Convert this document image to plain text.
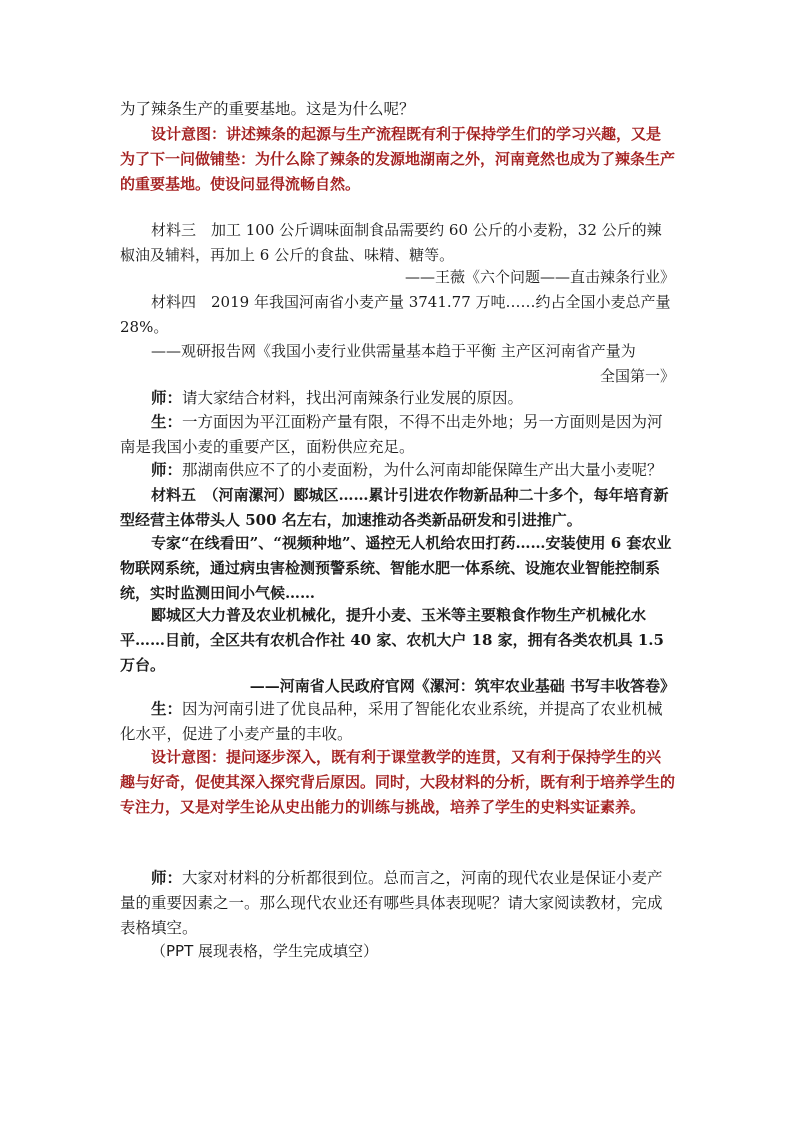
为了辣条生产的重要基地。这是为什么呢？

设计意图：讲述辣条的起源与生产流程既有利于保持学生们的学习兴趣，又是为了下一问做铺垫：为什么除了辣条的发源地湖南之外，河南竟然也成为了辣条生产的重要基地。使设问显得流畅自然。

材料三　加工 100 公斤调味面制食品需要约 60 公斤的小麦粉，32 公斤的辣椒油及辅料，再加上 6 公斤的食盐、味精、糖等。

——王薇《六个问题——直击辣条行业》

材料四　2019 年我国河南省小麦产量 3741.77 万吨……约占全国小麦总产量 28%。

——观研报告网《我国小麦行业供需量基本趋于平衡 主产区河南省产量为

全国第一》

师：请大家结合材料，找出河南辣条行业发展的原因。

生：一方面因为平江面粉产量有限，不得不出走外地；另一方面则是因为河南是我国小麦的重要产区，面粉供应充足。

师：那湖南供应不了的小麦面粉，为什么河南却能保障生产出大量小麦呢？

材料五　（河南漯河）郾城区……累计引进农作物新品种二十多个，每年培育新型经营主体带头人 500 名左右，加速推动各类新品研发和引进推广。

专家“在线看田”、“视频种地”、遥控无人机给农田打药……安装使用 6 套农业物联网系统，通过病虫害检测预警系统、智能水肥一体系统、设施农业智能控制系统，实时监测田间小气候……

郾城区大力普及农业机械化，提升小麦、玉米等主要粮食作物生产机械化水平……目前，全区共有农机合作社 40 家、农机大户 18 家，拥有各类农机具 1.5 万台。

——河南省人民政府官网《漯河：筑牢农业基础 书写丰收答卷》

生：因为河南引进了优良品种，采用了智能化农业系统，并提高了农业机械化水平，促进了小麦产量的丰收。

设计意图：提问逐步深入，既有利于课堂教学的连贯，又有利于保持学生的兴趣与好奇，促使其深入探究背后原因。同时，大段材料的分析，既有利于培养学生的专注力，又是对学生论从史出能力的训练与挑战，培养了学生的史料实证素养。

师：大家对材料的分析都很到位。总而言之，河南的现代农业是保证小麦产量的重要因素之一。那么现代农业还有哪些具体表现呢？请大家阅读教材，完成表格填空。

（PPT 展现表格，学生完成填空）
